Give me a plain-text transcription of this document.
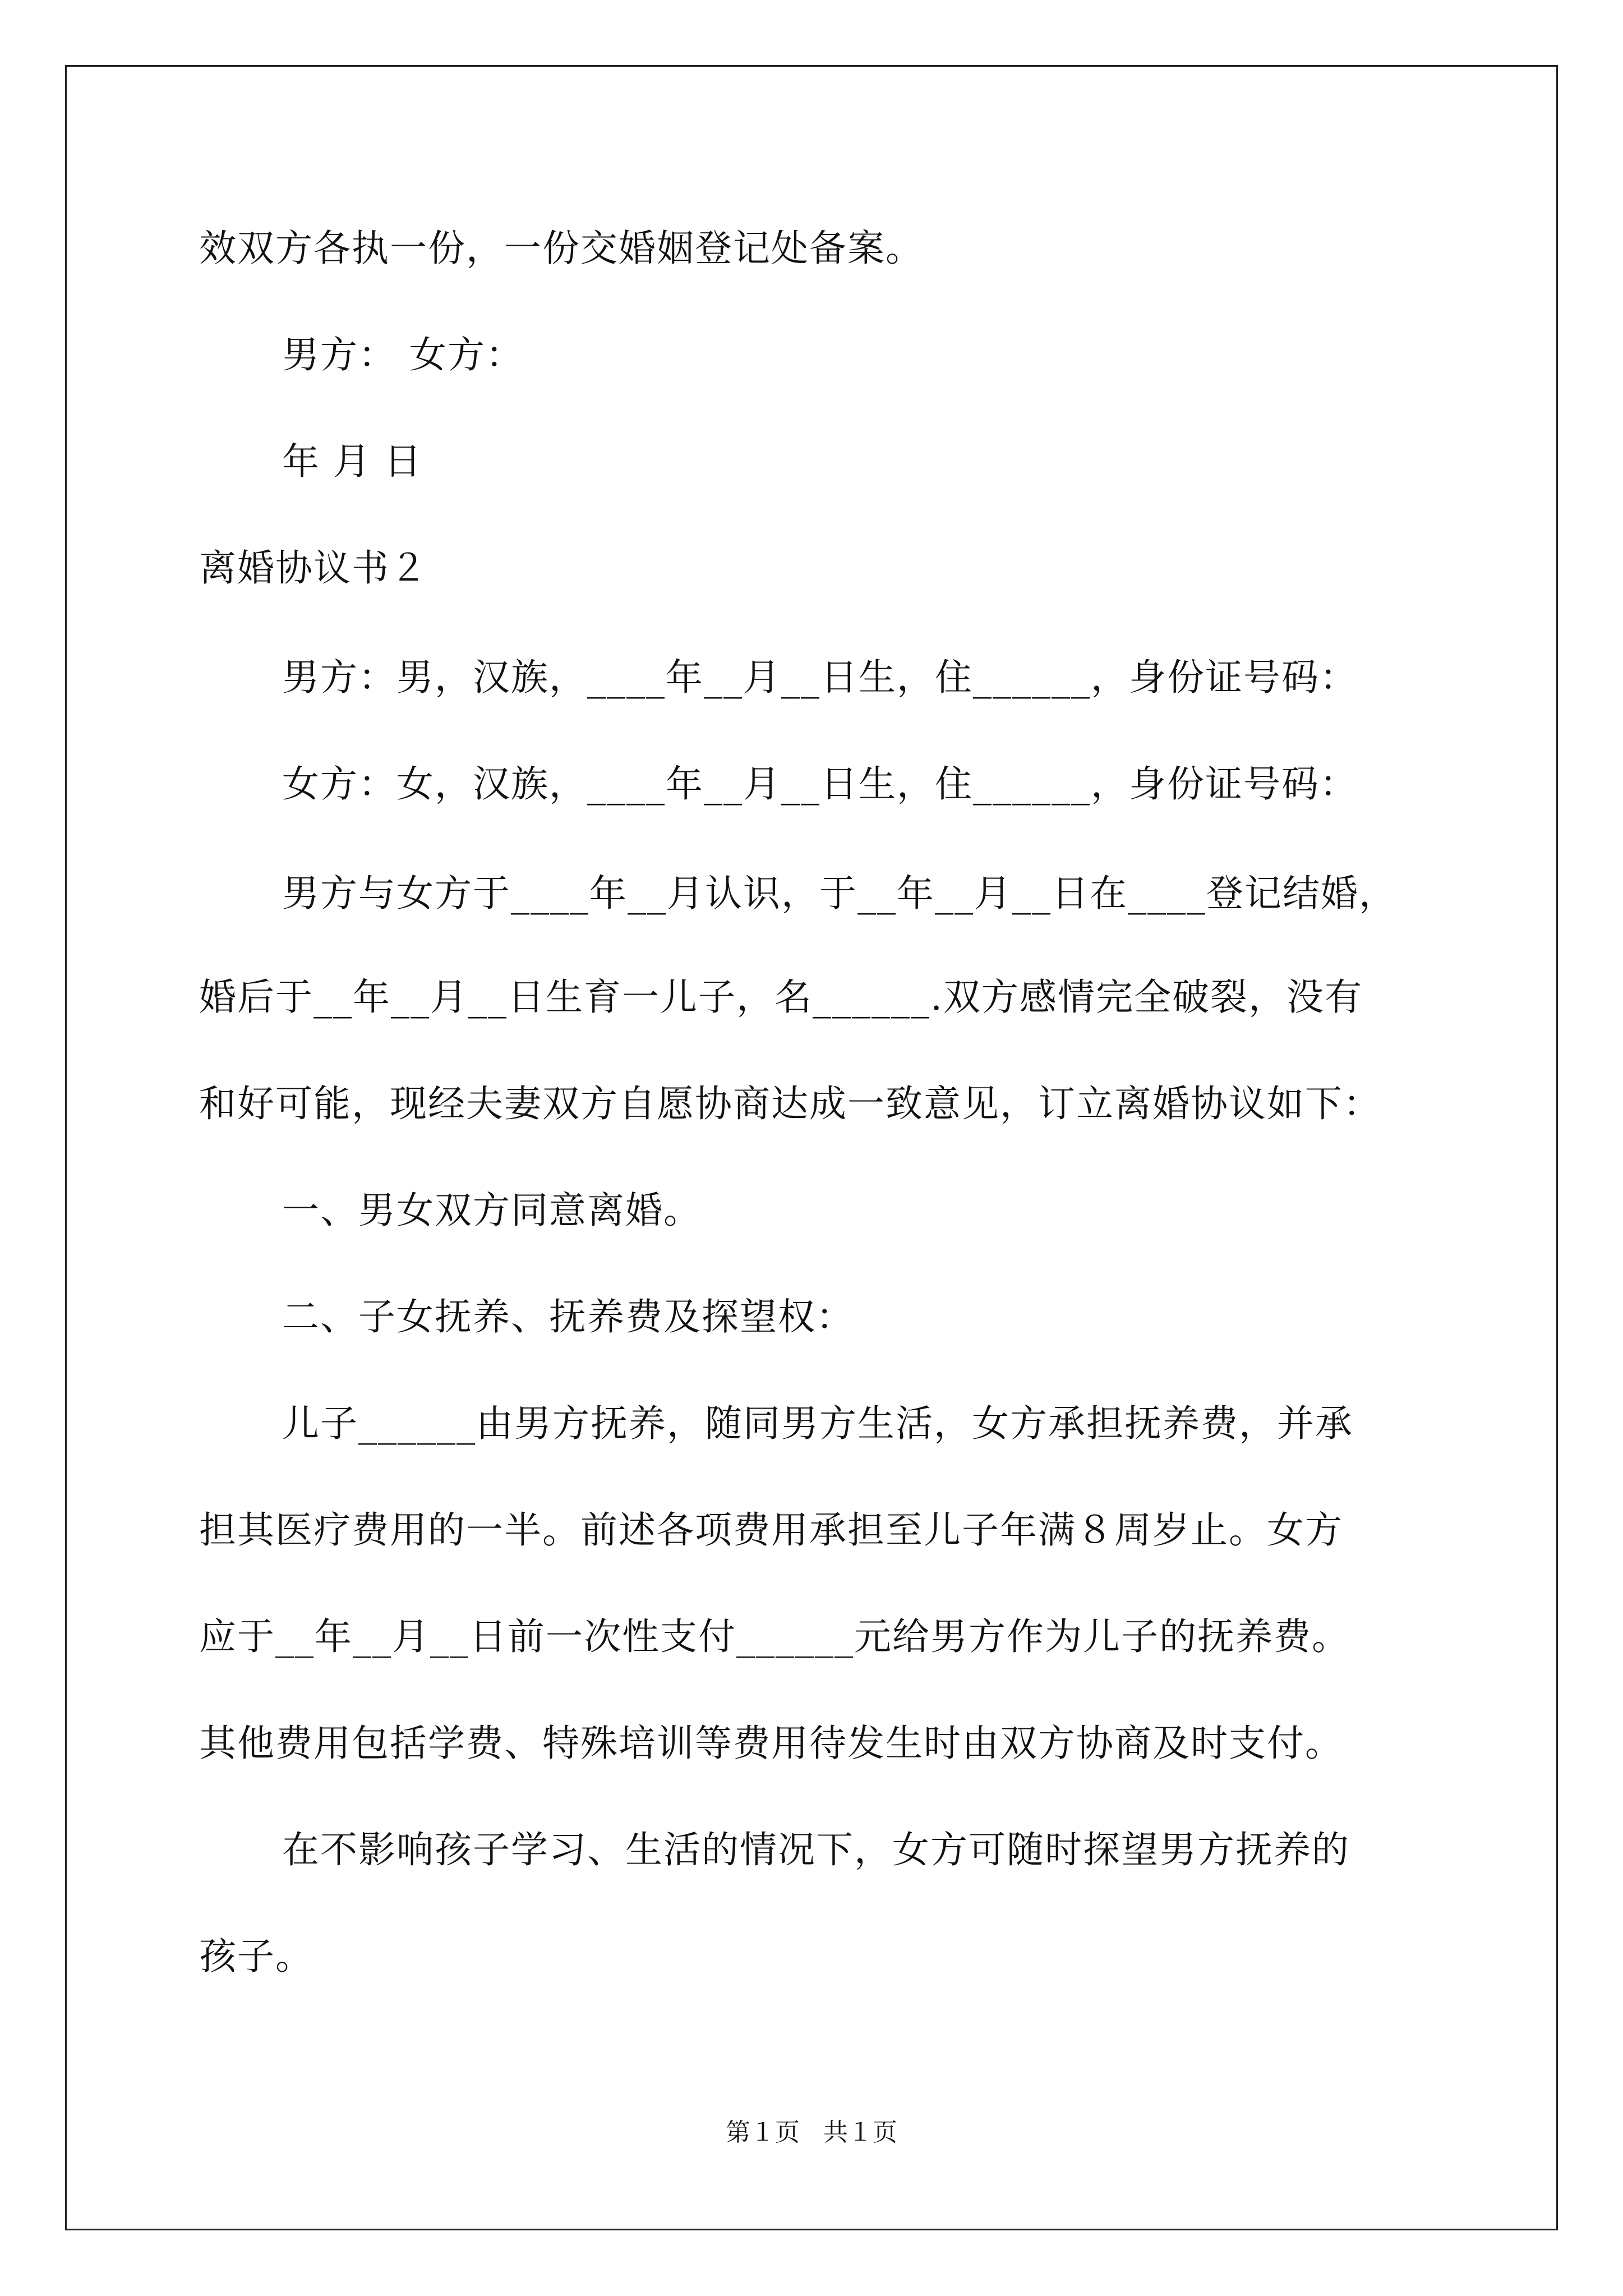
效双方各执一份，一份交婚姻登记处备案。
男方： 女方：
年 月 日
离婚协议书２
男方：男，汉族，____年__月__日生，住______，身份证号码：
女方：女，汉族，____年__月__日生，住______，身份证号码：
男方与女方于____年__月认识，于__年__月__日在____登记结婚，
婚后于__年__月__日生育一儿子，名______.双方感情完全破裂，没有
和好可能，现经夫妻双方自愿协商达成一致意见，订立离婚协议如下：
一、男女双方同意离婚。
二、子女抚养、抚养费及探望权：
儿子______由男方抚养，随同男方生活，女方承担抚养费，并承
担其医疗费用的一半。前述各项费用承担至儿子年满８周岁止。女方
应于__年__月__日前一次性支付______元给男方作为儿子的抚养费。
其他费用包括学费、特殊培训等费用待发生时由双方协商及时支付。
在不影响孩子学习、生活的情况下，女方可随时探望男方抚养的
孩子。
第１页   共１页
